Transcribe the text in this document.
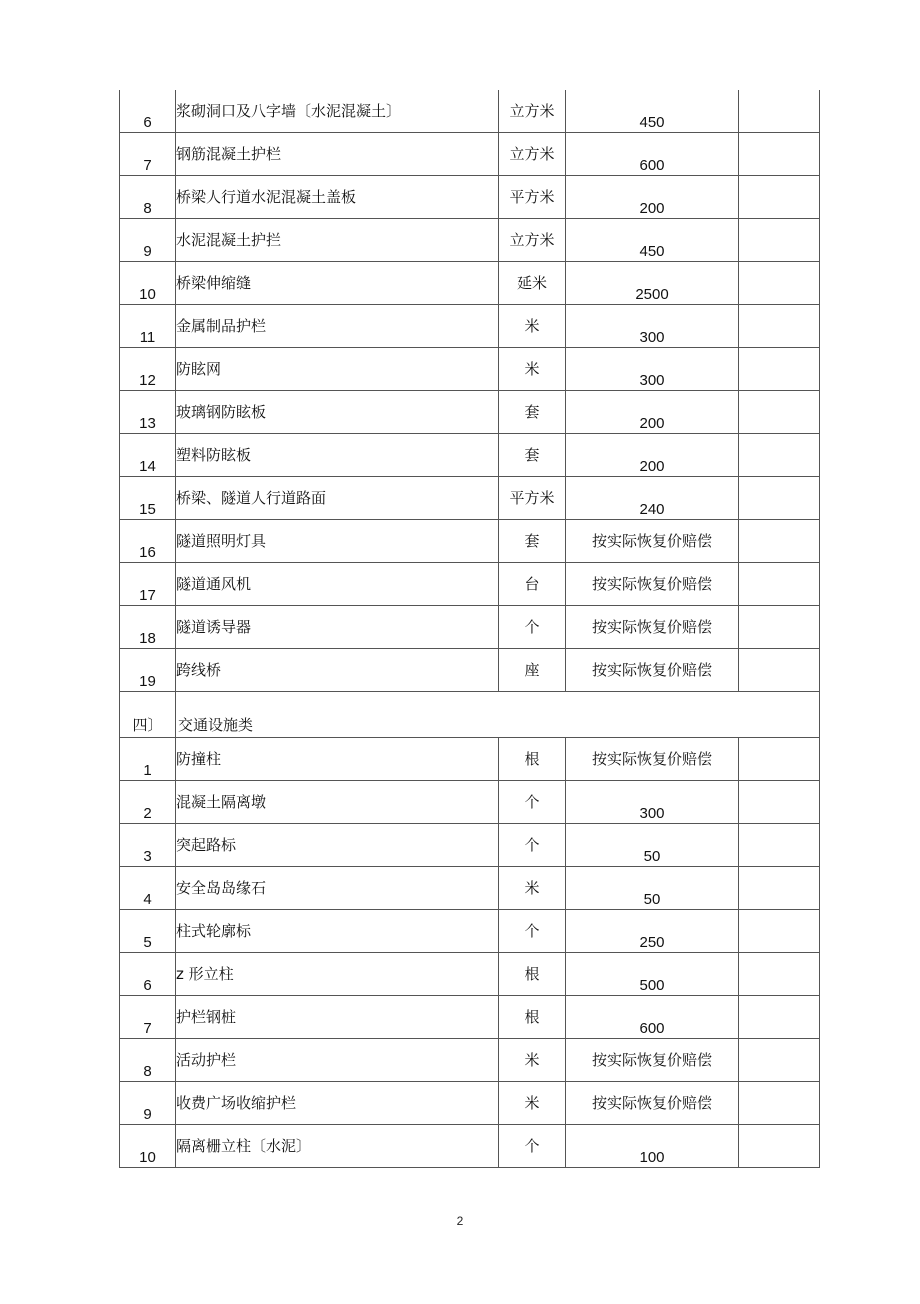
6	浆砌洞口及八字墙〔水泥混凝土〕	立方米	450	
7	钢筋混凝土护栏	立方米	600	
8	桥梁人行道水泥混凝土盖板	平方米	200	
9	水泥混凝土护拦	立方米	450	
10	桥梁伸缩缝	延米	2500	
11	金属制品护栏	米	300	
12	防眩网	米	300	
13	玻璃钢防眩板	套	200	
14	塑料防眩板	套	200	
15	桥梁、隧道人行道路面	平方米	240	
16	隧道照明灯具	套	按实际恢复价赔偿	
17	隧道通风机	台	按实际恢复价赔偿	
18	隧道诱导器	个	按实际恢复价赔偿	
19	跨线桥	座	按实际恢复价赔偿	
四〕	交通设施类			
1	防撞柱	根	按实际恢复价赔偿	
2	混凝土隔离墩	个	300	
3	突起路标	个	50	
4	安全岛岛缘石	米	50	
5	柱式轮廓标	个	250	
6	z 形立柱	根	500	
7	护栏钢桩	根	600	
8	活动护栏	米	按实际恢复价赔偿	
9	收费广场收缩护栏	米	按实际恢复价赔偿	
10	隔离栅立柱〔水泥〕	个	100	
2
